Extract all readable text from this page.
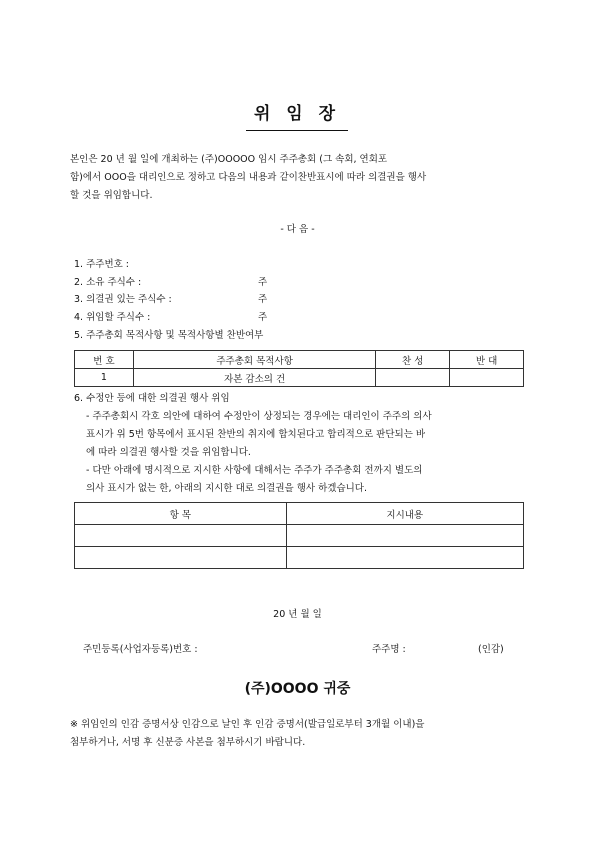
위 임 장

본인은 20 년 월 일에 개최하는 (주)OOOOO 임시 주주총회 (그 속회, 연회포

함)에서 OOO을 대리인으로 정하고 다음의 내용과 같이찬반표시에 따라 의결권을 행사

할 것을 위임합니다.

- 다 음 -

1. 주주번호 :

2. 소유 주식수 :	주

3. 의결권 있는 주식수 :	주

4. 위임할 주식수 :	주

5. 주주총회 목적사항 및 목적사항별 찬반여부

번 호	주주총회 목적사항	찬 성	반 대
1	자본 감소의 건		

6. 수정안 등에 대한 의결권 행사 위임

- 주주총회시 각호 의안에 대하여 수정안이 상정되는 경우에는 대리인이 주주의 의사

표시가 위 5번 항목에서 표시된 찬반의 취지에 합치된다고 합리적으로 판단되는 바

에 따라 의결권 행사할 것을 위임합니다.

- 다만 아래에 명시적으로 지시한 사항에 대해서는 주주가 주주총회 전까지 별도의

의사 표시가 없는 한, 아래의 지시한 대로 의결권을 행사 하겠습니다.

항 목	지시내용

20 년 월 일

주민등록(사업자등록)번호 :	주주명 :	(인감)

(주)OOOO 귀중

※ 위임인의 인감 증명서상 인감으로 날인 후 인감 증명서(발급일로부터 3개월 이내)을

첨부하거나, 서명 후 신분증 사본을 첨부하시기 바랍니다.
